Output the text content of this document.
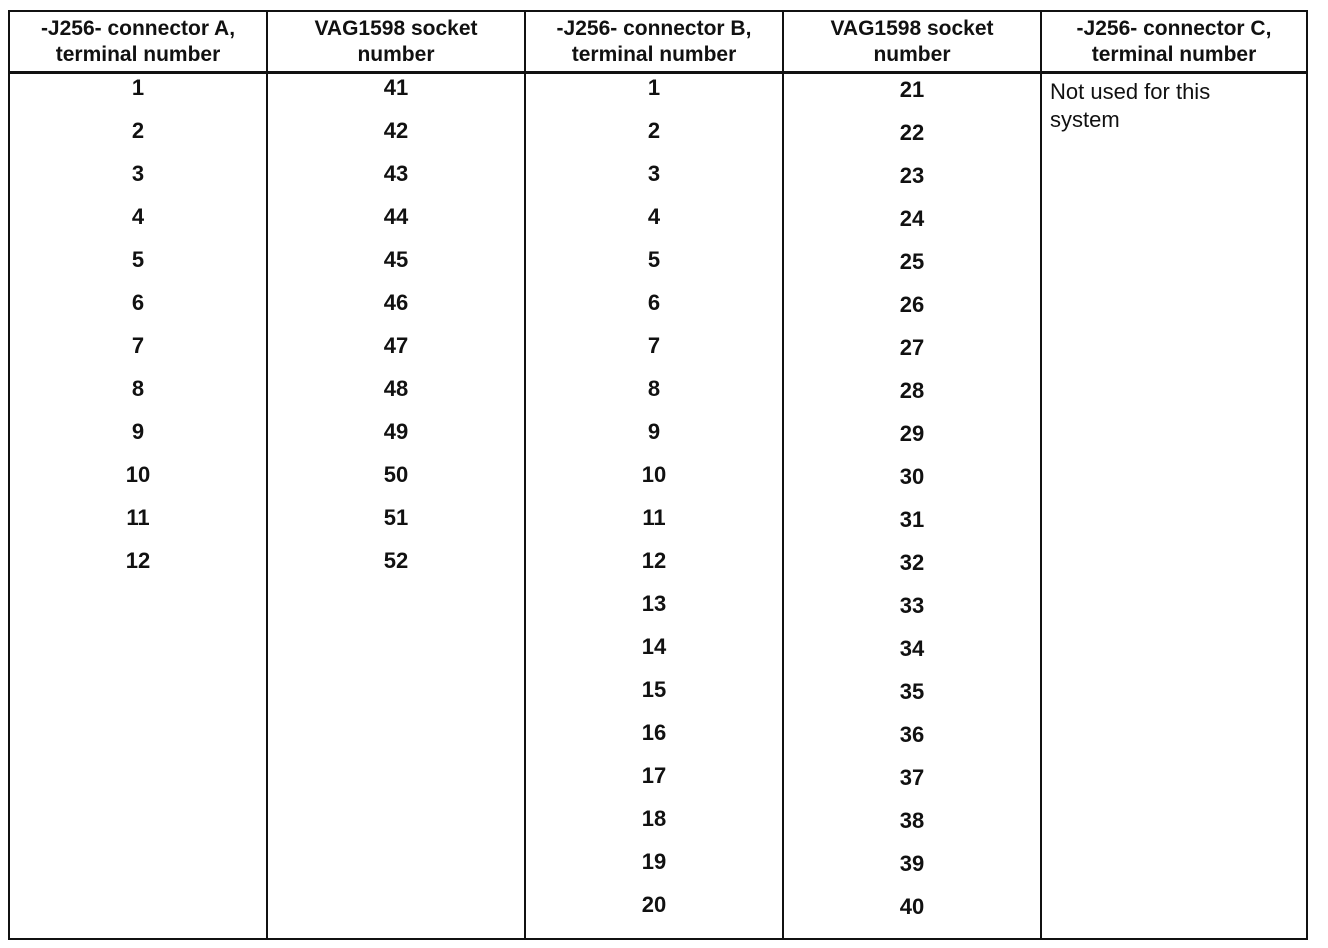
-J256- connector A,
terminal number
VAG1598 socket
number
-J256- connector B,
terminal number
VAG1598 socket
number
-J256- connector C,
terminal number
1
2
3
4
5
6
7
8
9
10
11
12
41
42
43
44
45
46
47
48
49
50
51
52
1
2
3
4
5
6
7
8
9
10
11
12
13
14
15
16
17
18
19
20
21
22
23
24
25
26
27
28
29
30
31
32
33
34
35
36
37
38
39
40
Not used for this
system
